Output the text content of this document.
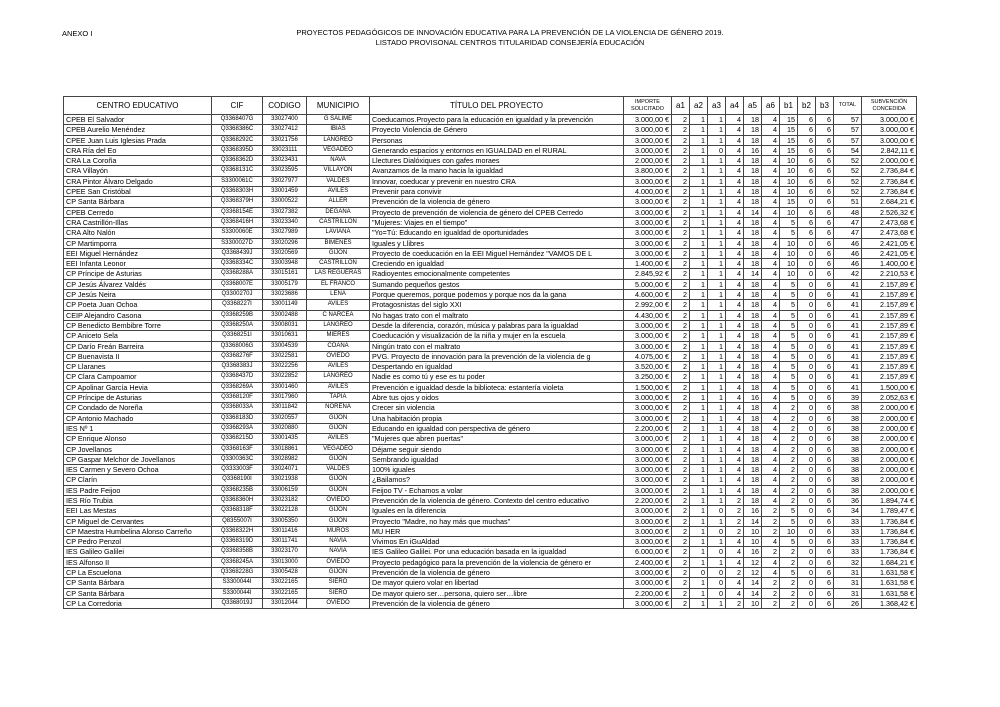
ANEXO I	PROYECTOS PEDAGÓGICOS DE INNOVACIÓN EDUCATIVA PARA LA PREVENCIÓN DE LA VIOLENCIA DE GÉNERO 2019.
LISTADO PROVISONAL CENTROS TITULARIDAD CONSEJERÍA EDUCACIÓN
CENTRO EDUCATIVO	CIF	CODIGO	MUNICIPIO	TÍTULO DEL PROYECTO	IMPORTE
SOLICITADO	a1	a2	a3	a4	a5	a6	b1	b2	b3	TOTAL	SUBVENCIÓN
CONCEDIDA
CPEB El Salvador	Q3368407G	33027400	G SALIME	Coeducamos.Proyecto para la educación en igualdad y la prevención	3.000,00 €	2	1	1	4	18	4	15	6	6	57	3.000,00 €
CPEB Aurelio Menéndez	Q3368386C	33027412	IBIAS	Proyecto Violencia de Género	3.000,00 €	2	1	1	4	18	4	15	6	6	57	3.000,00 €
CPEE Juan Luis Iglesias Prada	Q3368292C	33021756	LANGREO	Personas	3.000,00 €	2	1	1	4	18	4	15	6	6	57	3.000,00 €
CRA Ría del Eo	Q3368395D	33023111	VEGADEO	Generando espacios y entornos en IGUALDAD en el RURAL	3.000,00 €	2	1	0	4	16	4	15	6	6	54	2.842,11 €
CRA La Coroña	Q3368362D	33023431	NAVA	Llectures Dialóxiques con gafes moraes	2.000,00 €	2	1	1	4	18	4	10	6	6	52	2.000,00 €
CRA Villayón	Q3368131C	33023595	VILLAYON	Avanzamos de la mano hacia la igualdad	3.800,00 €	2	1	1	4	18	4	10	6	6	52	2.736,84 €
CRA Pintor Álvaro Delgado	S3300061C	33027977	VALDES	Innovar, coeducar y prevenir en nuestro CRA	3.000,00 €	2	1	1	4	18	4	10	6	6	52	2.736,84 €
CPEE San Cristóbal	Q3368303H	33001459	AVILES	Prevenir para convivir	4.000,00 €	2	1	1	4	18	4	10	6	6	52	2.736,84 €
CP Santa Bárbara	Q3368379H	33000522	ALLER	Prevención de la violencia de género	3.000,00 €	2	1	1	4	18	4	15	0	6	51	2.684,21 €
CPEB Cerredo	Q3368154E	33027382	DEGAÑA	Proyecto de prevención de violencia de género del CPEB Cerredo	3.000,00 €	2	1	1	4	14	4	10	6	6	48	2.526,32 €
CRA Castrillón-Illas	Q3368416H	33023340	CASTRILLON	"Mujeres: Viajes en el tiempo"	3.000,00 €	2	1	1	4	18	4	5	6	6	47	2.473,68 €
CRA Alto Nalón	S3300060E	33027989	LAVIANA	"Yo=Tú: Educando en igualdad de oportunidades	3.000,00 €	2	1	1	4	18	4	5	6	6	47	2.473,68 €
CP Martimporra	S3300027D	33020296	BIMENES	Iguales y Llibres	3.000,00 €	2	1	1	4	18	4	10	0	6	46	2.421,05 €
EEI Miguel Hernández	Q3368439J	33020569	GIJON	Proyecto de coeducación en la EEI Miguel Hernández "VAMOS DE L	3.000,00 €	2	1	1	4	18	4	10	0	6	46	2.421,05 €
EEI Infanta Leonor	Q3368334C	33003948	CASTRILLON	Creciendo en igualdad	1.400,00 €	2	1	1	4	18	4	10	0	6	46	1.400,00 €
CP Príncipe de Asturias	Q3368288A	33015161	LAS REGUERAS	Radioyentes emocionalmente competentes	2.845,92 €	2	1	1	4	14	4	10	0	6	42	2.210,53 €
CP Jesús Álvarez Valdés	Q3368007E	33005179	EL FRANCO	Sumando pequeños gestos	5.000,00 €	2	1	1	4	18	4	5	0	6	41	2.157,89 €
CP Jesús Neira	Q3300270J	33023686	LENA	Porque queremos, porque podemos y porque nos da la gana	4.600,00 €	2	1	1	4	18	4	5	0	6	41	2.157,89 €
CP Poeta Juan Ochoa	Q3368227I	33001149	AVILES	Protagosnistas del siglo XXI	2.992,00 €	2	1	1	4	18	4	5	0	6	41	2.157,89 €
CEIP Alejandro Casona	Q3368259B	33002488	C NARCEA	No hagas trato con el maltrato	4.430,00 €	2	1	1	4	18	4	5	0	6	41	2.157,89 €
CP Benedicto Bembibre Torre	Q3368250A	33008031	LANGREO	Desde la diferencia, corazón, música y palabras para la igualdad	3.000,00 €	2	1	1	4	18	4	5	0	6	41	2.157,89 €
CP Aniceto Sela	Q3368251I	33010631	MIERES	Coeducación y visualización de la niña y mujer en la escuela	3.000,00 €	2	1	1	4	18	4	5	0	6	41	2.157,89 €
CP Darío Freán Barreira	Q3368006G	33004539	COAÑA	Ningún trato con el maltrato	3.000,00 €	2	1	1	4	18	4	5	0	6	41	2.157,89 €
CP Buenavista II	Q3368276F	33022581	OVIEDO	PVG. Proyecto de innovación para la prevención de la violencia de g	4.075,00 €	2	1	1	4	18	4	5	0	6	41	2.157,89 €
CP Llaranes	Q3368383J	33022256	AVILES	Despertando en igualdad	3.520,00 €	2	1	1	4	18	4	5	0	6	41	2.157,89 €
CP Clara Campoamor	Q3368437D	33022852	LANGREO	Nadie es como tú y ese es tu poder	3.250,00 €	2	1	1	4	18	4	5	0	6	41	2.157,89 €
CP Apolinar García Hevia	Q3368269A	33001460	AVILES	Prevención e igualdad desde la biblioteca: estantería violeta	1.500,00 €	2	1	1	4	18	4	5	0	6	41	1.500,00 €
CP Príncipe de Asturias	Q3368120F	33017960	TAPIA	Abre tus ojos y oidos	3.000,00 €	2	1	1	4	16	4	5	0	6	39	2.052,63 €
CP Condado de Noreña	Q3368033A	33011842	NOREÑA	Crecer sin violencia	3.000,00 €	2	1	1	4	18	4	2	0	6	38	2.000,00 €
CP Antonio Machado	Q3368183D	33020557	GIJON	Una habitación propia	3.000,00 €	2	1	1	4	18	4	2	0	6	38	2.000,00 €
IES Nº 1	Q3368293A	33020880	GIJON	Educando en igualdad con perspectiva de género	2.200,00 €	2	1	1	4	18	4	2	0	6	38	2.000,00 €
CP Enrique Alonso	Q3368215D	33001435	AVILES	"Mujeres que abren puertas"	3.000,00 €	2	1	1	4	18	4	2	0	6	38	2.000,00 €
CP Jovellanos	Q3368163F	33018861	VEGADEO	Déjame seguir siendo	3.000,00 €	2	1	1	4	18	4	2	0	6	38	2.000,00 €
CP Gaspar Melchor de Jovellanos	Q3300363C	33028982	GIJON	Sembrando igualdad	3.000,00 €	2	1	1	4	18	4	2	0	6	38	2.000,00 €
IES Carmen y Severo Ochoa	Q3333003F	33024071	VALDES	100% iguales	3.000,00 €	2	1	1	4	18	4	2	0	6	38	2.000,00 €
CP Clarín	Q3368190I	33021938	GIJON	¿Bailamos?	3.000,00 €	2	1	1	4	18	4	2	0	6	38	2.000,00 €
IES Padre Feijoo	Q3368235B	33006159	GIJON	Feijoo TV - Echamos a volar	3.000,00 €	2	1	1	4	18	4	2	0	6	38	2.000,00 €
IES Río Trubia	Q3368360H	33023182	OVIEDO	Prevención de la violencia de género. Contexto del centro educativo	2.200,00 €	2	1	1	2	18	4	2	0	6	36	1.894,74 €
EEI Las Mestas	Q3368318F	33022128	GIJON	Iguales en la diferencia	3.000,00 €	2	1	0	2	16	2	5	0	6	34	1.789,47 €
CP Miguel de Cervantes	Q8355007I	33005350	GIJON	Proyecto "Madre, no hay más que muchas"	3.000,00 €	2	1	1	2	14	2	5	0	6	33	1.736,84 €
CP Maestra Humbelina Alonso Carreño	Q3368322H	33011416	MUROS	MU HER	3.000,00 €	2	1	0	2	10	2	10	0	6	33	1.736,84 €
CP Pedro Penzol	Q3368319D	33011741	NAVIA	Vivimos En iGuAldad	3.000,00 €	2	1	1	4	10	4	5	0	6	33	1.736,84 €
IES Galileo Galilei	Q3368358B	33023170	NAVIA	IES Galileo Galilei. Por una educación basada en la igualdad	6.000,00 €	2	1	0	4	16	2	2	0	6	33	1.736,84 €
IES Alfonso II	Q3368245A	33013000	OVIEDO	Proyecto pedagógico para la prevención de la violencia de género er	2.400,00 €	2	1	1	4	12	4	2	0	6	32	1.684,21 €
CP La Escuelona	Q3368228G	33005428	GIJON	Prevención de la violencia de género	3.000,00 €	2	0	0	2	12	4	5	0	6	31	1.631,58 €
CP Santa Bárbara	S3300044I	33022165	SIERO	De mayor quiero volar en libertad	3.000,00 €	2	1	0	4	14	2	2	0	6	31	1.631,58 €
CP Santa Bárbara	S3300044I	33022165	SIERO	De mayor quiero ser…persona, quiero ser…libre	2.200,00 €	2	1	0	4	14	2	2	0	6	31	1.631,58 €
CP La Corredoria	Q3368019J	33012044	OVIEDO	Prevención de la violencia de género	3.000,00 €	2	1	1	2	10	2	2	0	6	26	1.368,42 €
